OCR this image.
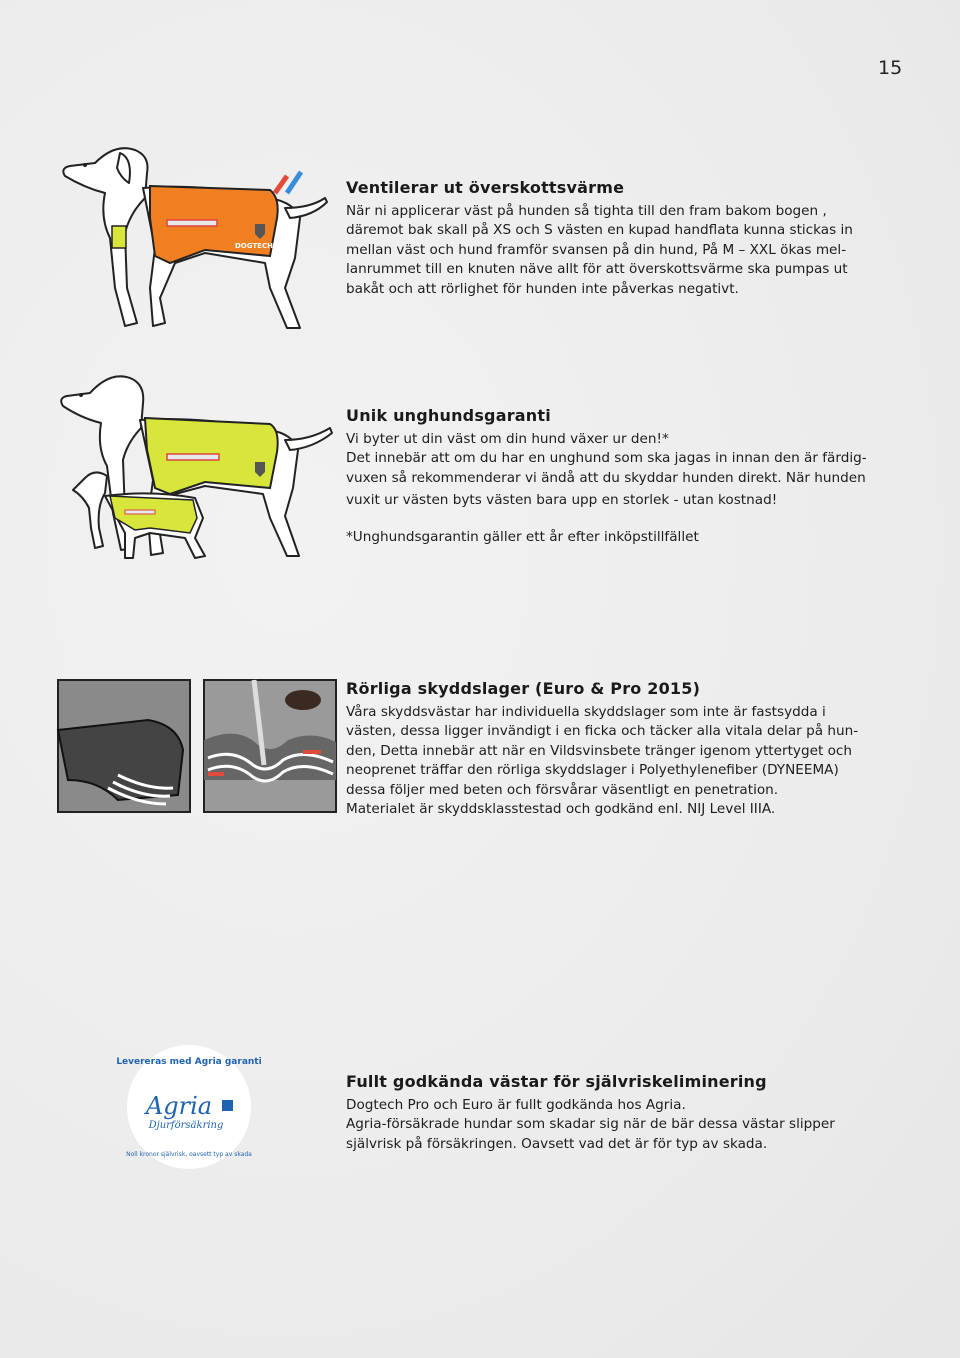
15
DOGTECH
Levereras med Agria garanti
Agria
Djurförsäkring
Noll kronor självrisk, oavsett typ av skada
Ventilerar ut överskottsvärme

När ni applicerar väst på hunden så tighta till den fram bakom bogen ,

däremot bak skall på XS och S västen en kupad handflata kunna stickas in

mellan väst och hund framför svansen på din hund, På M – XXL ökas mel-

lanrummet till en knuten näve allt för att överskottsvärme ska pumpas ut

bakåt och att rörlighet för hunden inte påverkas negativt.

Unik unghundsgaranti

Vi byter ut din väst om din hund växer ur den!*

Det innebär att om du har en unghund som ska jagas in innan den är färdig-

vuxen så rekommenderar vi ändå att du skyddar hunden direkt. När hunden

vuxit ur västen byts västen bara upp en storlek - utan kostnad!

*Unghundsgarantin gäller ett år efter inköpstillfället

Rörliga skyddslager (Euro & Pro 2015)

Våra skyddsvästar har individuella skyddslager som inte är fastsydda i

västen, dessa ligger invändigt i en ficka och täcker alla vitala delar på hun-

den, Detta innebär att när en Vildsvinsbete tränger igenom yttertyget och

neoprenet träffar den rörliga skyddslager i Polyethylenefiber (DYNEEMA)

dessa följer med beten och försvårar väsentligt en penetration.

Materialet är skyddsklasstestad och godkänd enl. NIJ Level IIIA.

Fullt godkända västar för självriskeliminering

Dogtech Pro och Euro är fullt godkända hos Agria.

Agria-försäkrade hundar som skadar sig när de bär dessa västar slipper

självrisk på försäkringen. Oavsett vad det är för typ av skada.
